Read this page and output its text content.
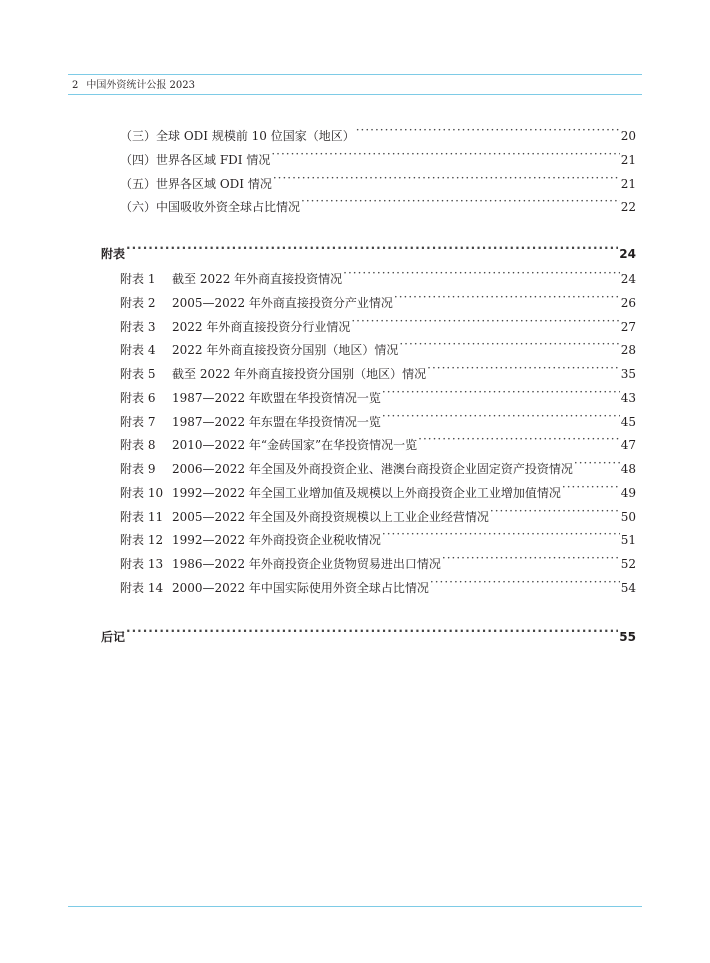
2 中国外资统计公报 2023
（三）全球 ODI 规模前 10 位国家（地区） ·····	20
（四）世界各区域 FDI 情况 ·····	21
（五）世界各区域 ODI 情况 ·····	21
（六）中国吸收外资全球占比情况 ·····	22
附表 ·····	24
附表 1 截至 2022 年外商直接投资情况 ·····	24
附表 2 2005—2022 年外商直接投资分产业情况 ·····	26
附表 3 2022 年外商直接投资分行业情况 ·····	27
附表 4 2022 年外商直接投资分国别（地区）情况 ·····	28
附表 5 截至 2022 年外商直接投资分国别（地区）情况 ·····	35
附表 6 1987—2022 年欧盟在华投资情况一览 ·····	43
附表 7 1987—2022 年东盟在华投资情况一览 ·····	45
附表 8 2010—2022 年“金砖国家”在华投资情况一览 ·····	47
附表 9 2006—2022 年全国及外商投资企业、港澳台商投资企业固定资产投资情况 ·····	48
附表 10 1992—2022 年全国工业增加值及规模以上外商投资企业工业增加值情况 ·····	49
附表 11 2005—2022 年全国及外商投资规模以上工业企业经营情况 ·····	50
附表 12 1992—2022 年外商投资企业税收情况 ·····	51
附表 13 1986—2022 年外商投资企业货物贸易进出口情况 ·····	52
附表 14 2000—2022 年中国实际使用外资全球占比情况 ·····	54
后记 ·····	55
